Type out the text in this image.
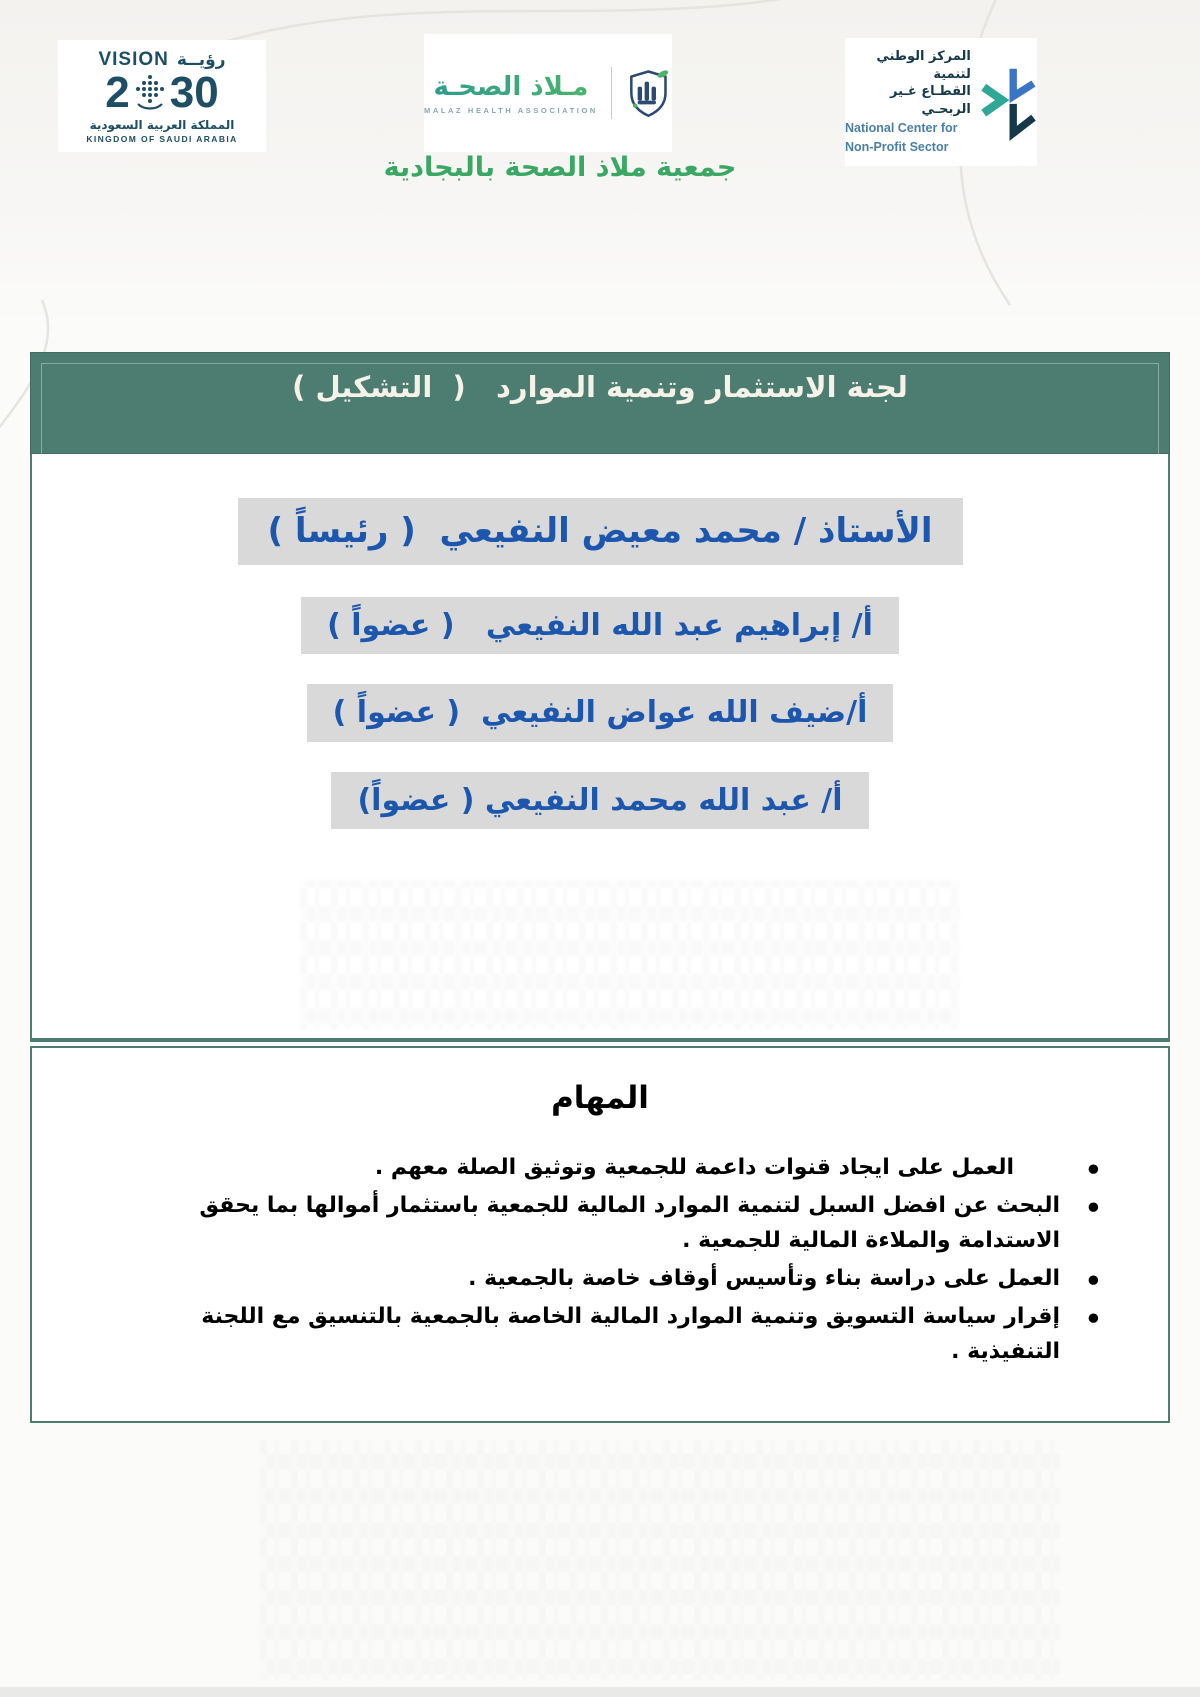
VISION رؤيــة
2 30
المملكة العربية السعودية
KINGDOM OF SAUDI ARABIA
مـلاذ الصحـة
MALAZ HEALTH ASSOCIATION
المركز الوطني لتنمية
القطـاع غـير الربحـي
National Center for
Non-Profit Sector
جمعية ملاذ الصحة بالبجادية
لجنة الاستثمار وتنمية الموارد   (  التشكيل )
الأستاذ / محمد معيض النفيعي  ( رئيساً )
أ/ إبراهيم عبد الله النفيعي   ( عضواً )
أ/ضيف الله عواض النفيعي  ( عضواً )
أ/ عبد الله محمد النفيعي ( عضواً)
المهام
• العمل على ايجاد قنوات داعمة للجمعية وتوثيق الصلة معهم .
• البحث عن افضل السبل لتنمية الموارد المالية للجمعية باستثمار أموالها بما يحقق الاستدامة والملاءة المالية للجمعية .
• العمل على دراسة بناء وتأسيس أوقاف خاصة بالجمعية .
• إقرار سياسة التسويق وتنمية الموارد المالية الخاصة بالجمعية بالتنسيق مع اللجنة التنفيذية .
